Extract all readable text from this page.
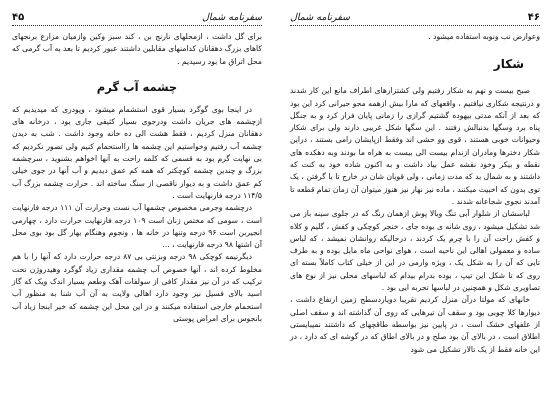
سفرنامه شمال
۴۵

برای گل داشت ، ازمحلهای نارنج بن ، کند سبز وکین وازمیان مزارع برنجهای کاهای بزرگ دهقانان کدامنهای مقابلین داشتند عبور کردیم تا بعد به آب گرمی که محل اتراق ما بود رسیدیم .

چشمه آب گرم

در اینجا بوی گوگرد بسیار قوی استشمام میشود ، وپودری که میدیدیم که ازچشمه های جریان داشت ودرجوی بسیار کثیفی جاری بود ، درخانه های دهقانان منزل کردیم ، فقط هشت الی ده خانه وجود داشت . شب به دیدن چشمه آب رفتیم وخواستیم این چشمه ها رااستحمام کنیم ولی تصور نکردیم که بی نهایت گرم بود به قسمی که کلمه راحت به آنها اخواهم بشنوید ، سرچشمه بزرگ و چندین چشمه کوچکتر که همه کم عمق دیدیم و آب آنها در جوی خیلی کم عمق داشت و به دیوار ناقصی از سنگ ساخته اند . حرارت چشمه بزرگ آب ۱۱۴/۵ درجه فارنهایت است .

درچشمه وجرمی مخصوص چشمها آب نست وحرارت آن ۱۱۱ درجه فارنهایت است ، سومی که مختص زنان است ۱۰۹ درجه فارنهایت حرارت دارد ، چهارمی انجیربن است ۹۶ درجه وتنها در خانه ها ، ونجوم وهنگام بهار گل بود بوی محل آن اشتها ۹۸ درجه فارنهایت ، ...

دیگرنیمه کوچکی ۹۸ درجه وبزنتی بی ۸۷ درجه حرارت دارد که آنها را با هم مخلوط کرده اند ، آنها خصوص آب چشمه مقداری زیاد گوگرد وهیدروژن تحت ترکیب که در آن نیز مقدار کافی از سولفات آهک وطعم بسیار اندک ویک که گاز اسید بالای فسیل نیز وجود دارد اهالی ولایت به آن آب شنا به منظور آب استحمام خارجی استفاده میکنند و در این محل این چشمه که خیر اینجا زیاد آب بانجوس برای امراض پوستی

۴۶
سفرنامه شمال

وعوارض تب ونوبه استفاده میشود .

شکار

صبح بیست و نهم به شکار رفتیم ولی کشتزارهای اطراف مانع این کار شدند و درنتیجه شکاری نیافتیم ، واقعهای که مارا بیش ازهمه محو حیرانی کرد این بود که بعد از آنکه مدتی بیهوده گشتیم گرازی را زمانی پایان فرار کرد و به جنگل پناه برد وسگها بدنبالش رفتند . این سگها شکل غریبی دارند ولی برای شکار وحیوانات خوبی هستند ، قوی وو حشی اند وفقط ازپایشان رامی بستند ، دراین شکار دخترها ومادران ازندام بیست الی بیست به هراه ما بودند وبه دهکده های نقطه و بیکر وخود نقشه عمل بیاد داشت و به اکنون شاده خود به کنت که داشتند و به شمال بد که مدت زمانی ، ولی قویان شان در خارج تا با گرفتن ، یک توی بدون که اخبیت میکنند ، ماده نیز نهار نیز هنوز میتوان آن زمان تمام قطعه تا آمدند نجوی شجاعانه شدند .

لباسشان از شلوار آبی تنگ وبالا پوش ازهمان رنگ که در جلوی سینه باز می شد تشکیل میشود ، روی شانه ی بوده جای ، خنجر کوچکی و کفش ، گلیم و کلاه و کفش راحت آن را با چرم یک کردند ، درحالیکه روانشان نمیشد ، که لباس ساده و معمولی اهالی این ناحیه است ، هوای نواحی ماه مایل بوده و به طرف تایی که آن را به شکل یک ، ویژه وارمی در این از خیلی کتاب کاملاً بسته ای روی که تا شکل این تیپ ، بوده بدرام بیدام که لباسهای محلی نیز از نوع های تصاویری شکل و همچنین در لباسها تجربه ایی بود .

خانهای که مولتا درآن منزل کردیم تقریبا دویاردسطح زمین ارتفاع داشت ، دیوارها کلا چوبی بود و سقف آن تیرهایی که روی آن گذاشته اند و سقف اصلی از علفهای خشک است ، در پایین نیز بواسطه طاقچهای که داشتند نمیبایستی اطلاق است ، در بالای آن بود صلح و در بالای اطاق که در گوشه ای که دارد ، در این خانه فقط از یک تالار تشکیل می شود
